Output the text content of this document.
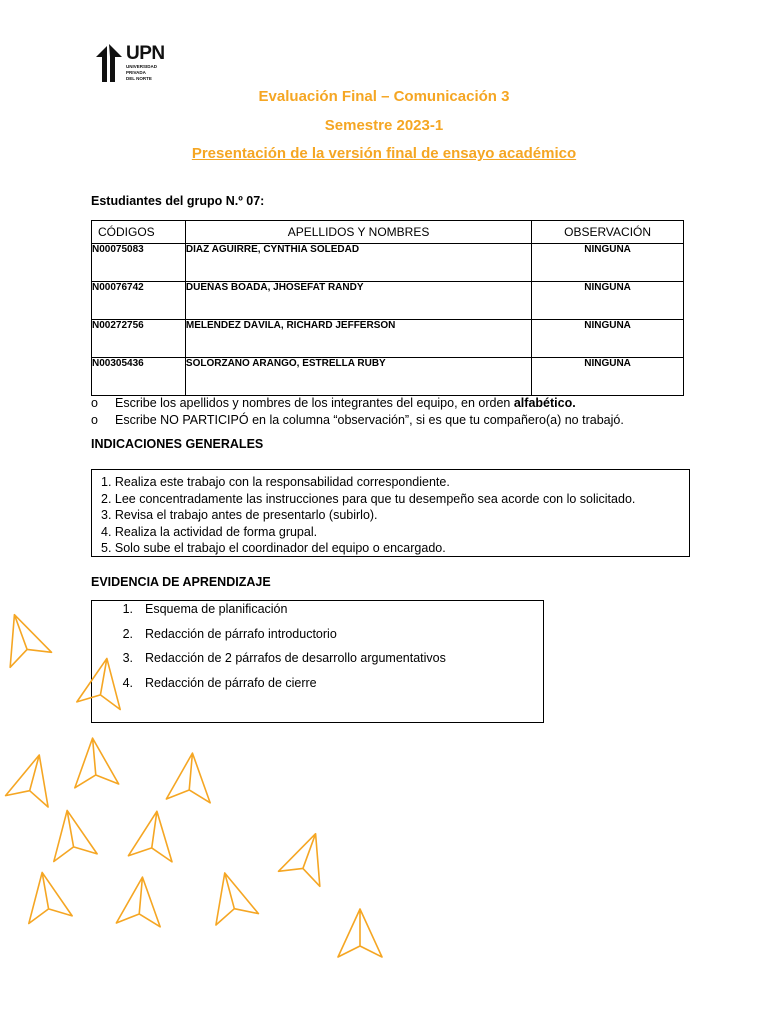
UPN
UNIVERSIDAD
PRIVADA
DEL NORTE
Evaluación Final – Comunicación 3
Semestre 2023-1
Presentación de la versión final de ensayo académico
Estudiantes del grupo N.º 07:
CÓDIGOS	APELLIDOS Y NOMBRES	OBSERVACIÓN
N00075083	DIAZ AGUIRRE, CYNTHIA SOLEDAD	NINGUNA
N00076742	DUEÑAS BOADA, JHOSEFAT RANDY	NINGUNA
N00272756	MELENDEZ DÁVILA, RICHARD JEFFERSON	NINGUNA
N00305436	SOLORZANO ARANGO, ESTRELLA RUBY	NINGUNA
o	Escribe los apellidos y nombres de los integrantes del equipo, en orden alfabético.
o	Escribe NO PARTICIPÓ en la columna “observación”, si es que tu compañero(a) no trabajó.
INDICACIONES GENERALES
1. Realiza este trabajo con la responsabilidad correspondiente.
2. Lee concentradamente las instrucciones para que tu desempeño sea acorde con lo solicitado.
3. Revisa el trabajo antes de presentarlo (subirlo).
4. Realiza la actividad de forma grupal.
5. Solo sube el trabajo el coordinador del equipo o encargado.
EVIDENCIA DE APRENDIZAJE
1. Esquema de planificación
2. Redacción de párrafo introductorio
3. Redacción de 2 párrafos de desarrollo argumentativos
4. Redacción de párrafo de cierre
